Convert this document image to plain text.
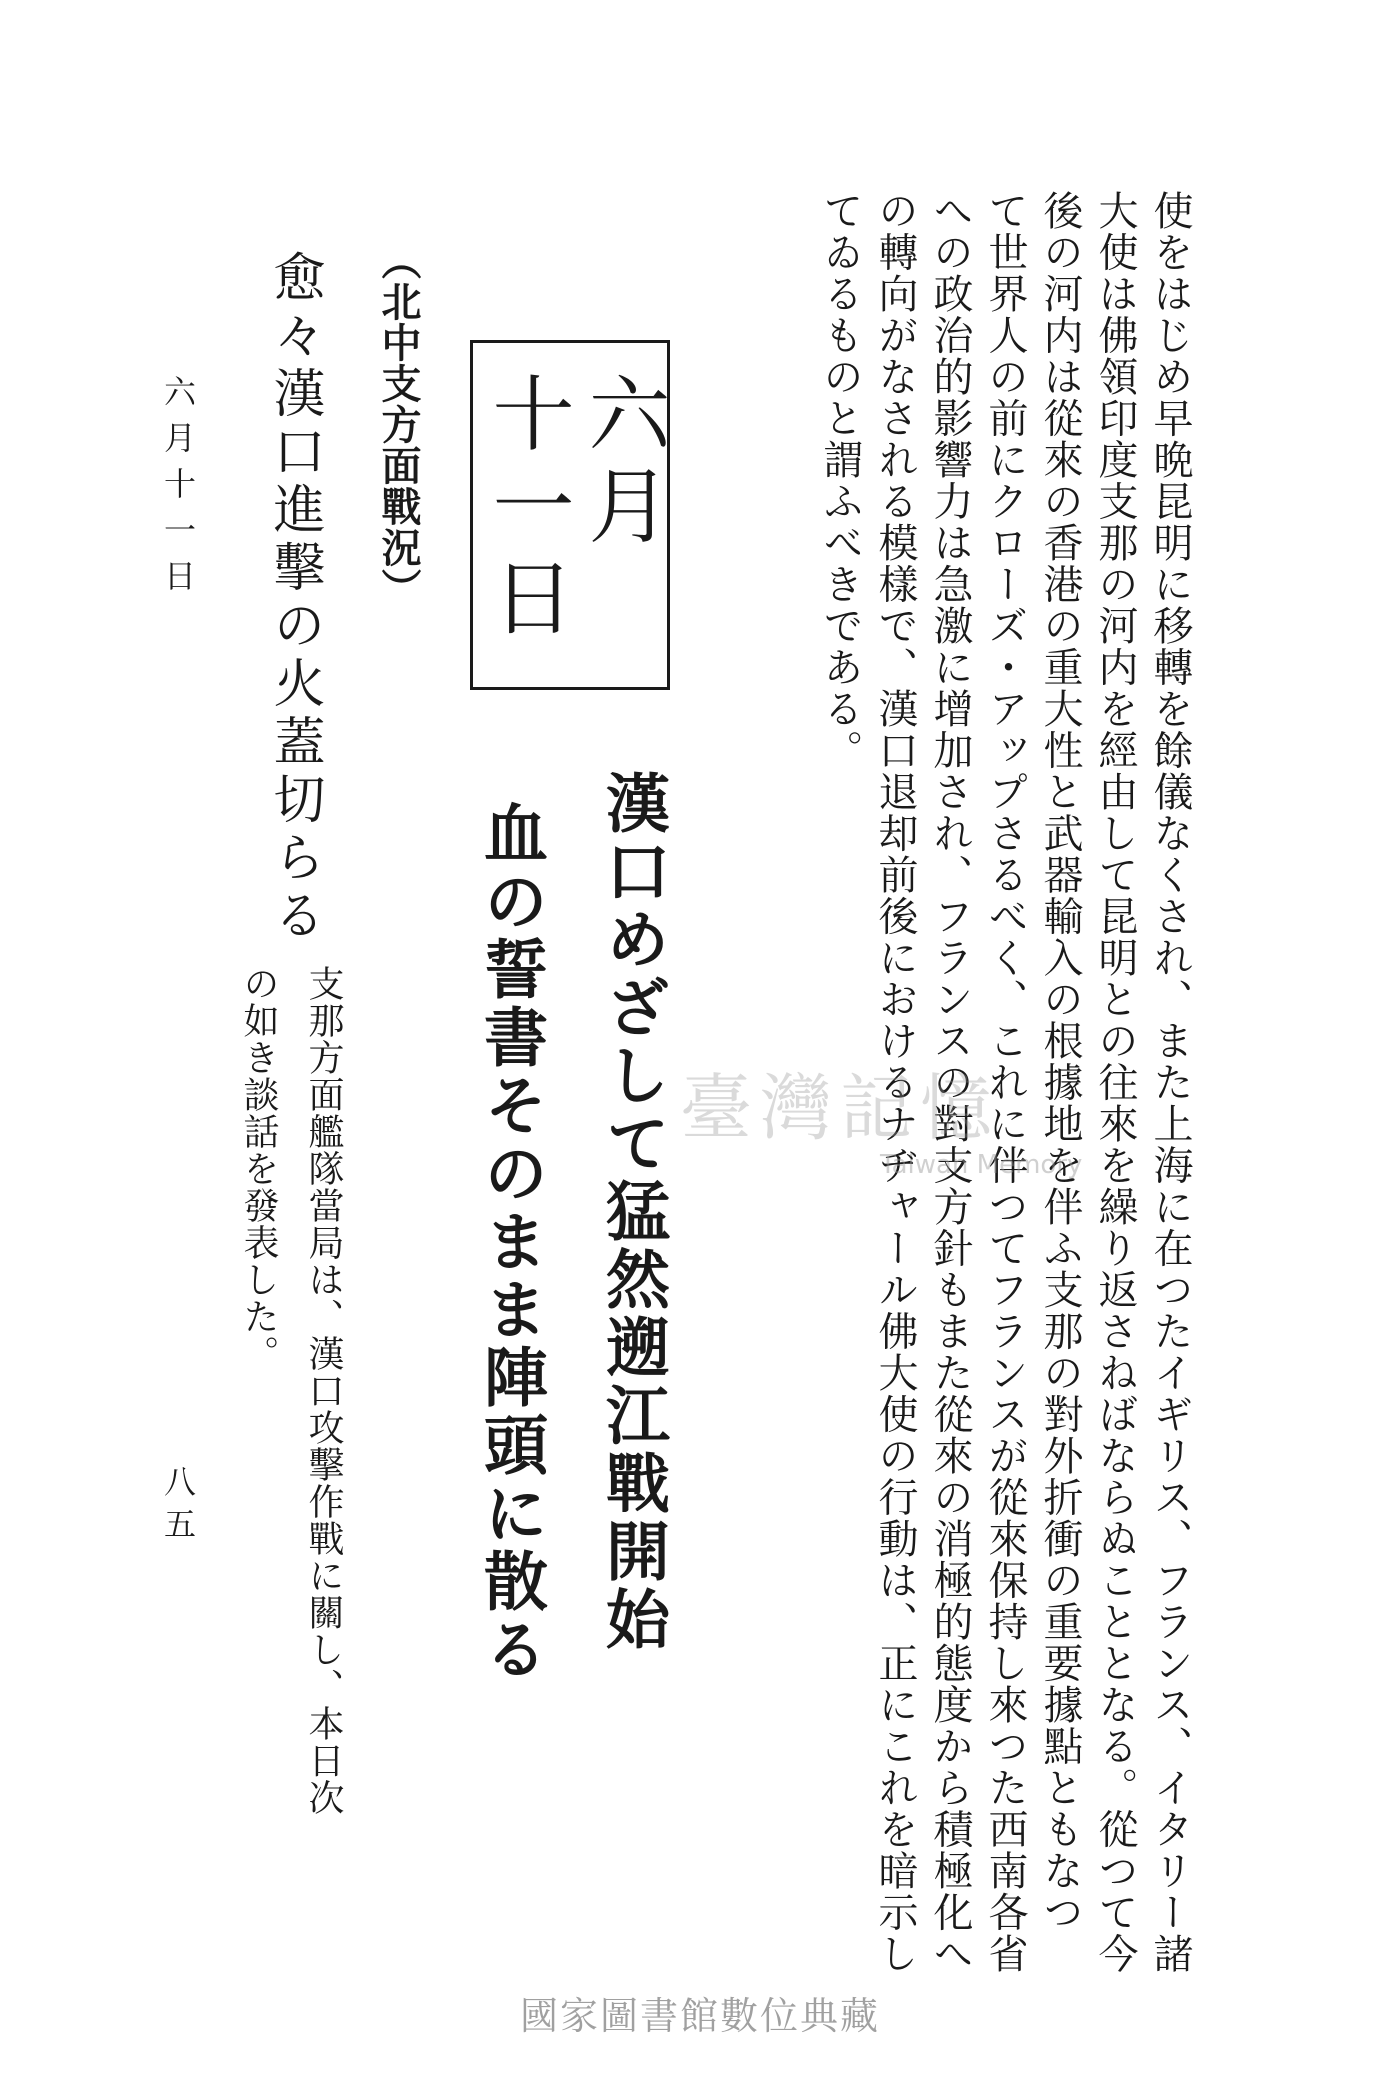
使をはじめ早晩昆明に移轉を餘儀なくされ、また上海に在つたイギリス、フランス、イタリー諸
大使は佛領印度支那の河内を經由して昆明との往來を繰り返さねばならぬこととなる。從つて今
後の河内は從來の香港の重大性と武器輸入の根據地を伴ふ支那の對外折衝の重要據點ともなつ
て世界人の前にクローズ・アップさるべく、これに伴つてフランスが從來保持し來つた西南各省
への政治的影響力は急激に增加され、フランスの對支方針もまた從來の消極的態度から積極化へ
の轉向がなされる模樣で、漢口退却前後におけるナヂャール佛大使の行動は、正にこれを暗示し
てゐるものと謂ふべきである。
六月
十一日
漢口めざして猛然遡江戰開始
血の誓書そのまま陣頭に散る
（北中支方面戰況）
愈々漢口進擊の火蓋切らる
支那方面艦隊當局は、漢口攻擊作戰に關し、本日次
の如き談話を發表した。
六月十一日
八五
臺灣記憶
Taiwan Memory
國家圖書館數位典藏
